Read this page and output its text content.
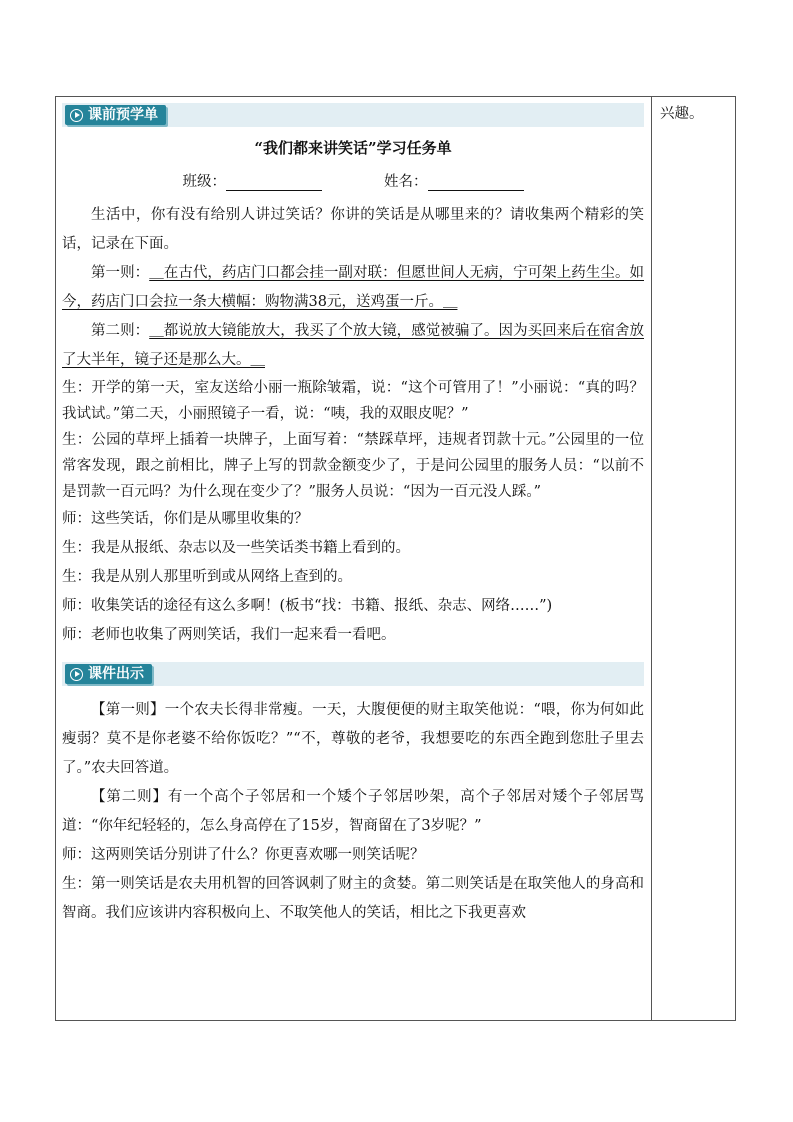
兴趣。
课前预学单
“我们都来讲笑话”学习任务单
班级：	姓名：

生活中，你有没有给别人讲过笑话？你讲的笑话是从哪里来的？请收集两个精彩的笑话，记录在下面。

第一则：＿在古代，药店门口都会挂一副对联：但愿世间人无病，宁可架上药生尘。如今，药店门口会拉一条大横幅：购物满38元，送鸡蛋一斤。＿

第二则：＿都说放大镜能放大，我买了个放大镜，感觉被骗了。因为买回来后在宿舍放了大半年，镜子还是那么大。＿

生：开学的第一天，室友送给小丽一瓶除皱霜，说：“这个可管用了！”小丽说：“真的吗？我试试。”第二天，小丽照镜子一看，说：“咦，我的双眼皮呢？”

生：公园的草坪上插着一块牌子，上面写着：“禁踩草坪，违规者罚款十元。”公园里的一位常客发现，跟之前相比，牌子上写的罚款金额变少了，于是问公园里的服务人员：“以前不是罚款一百元吗？为什么现在变少了？”服务人员说：“因为一百元没人踩。”

师：这些笑话，你们是从哪里收集的？

生：我是从报纸、杂志以及一些笑话类书籍上看到的。

生：我是从别人那里听到或从网络上查到的。

师：收集笑话的途径有这么多啊！(板书“找：书籍、报纸、杂志、网络……”)

师：老师也收集了两则笑话，我们一起来看一看吧。

课件出示

【第一则】一个农夫长得非常瘦。一天，大腹便便的财主取笑他说：“喂，你为何如此瘦弱？莫不是你老婆不给你饭吃？”“不，尊敬的老爷，我想要吃的东西全跑到您肚子里去了。”农夫回答道。

【第二则】有一个高个子邻居和一个矮个子邻居吵架，高个子邻居对矮个子邻居骂道：“你年纪轻轻的，怎么身高停在了15岁，智商留在了3岁呢？”

师：这两则笑话分别讲了什么？你更喜欢哪一则笑话呢？

生：第一则笑话是农夫用机智的回答讽刺了财主的贪婪。第二则笑话是在取笑他人的身高和智商。我们应该讲内容积极向上、不取笑他人的笑话，相比之下我更喜欢
